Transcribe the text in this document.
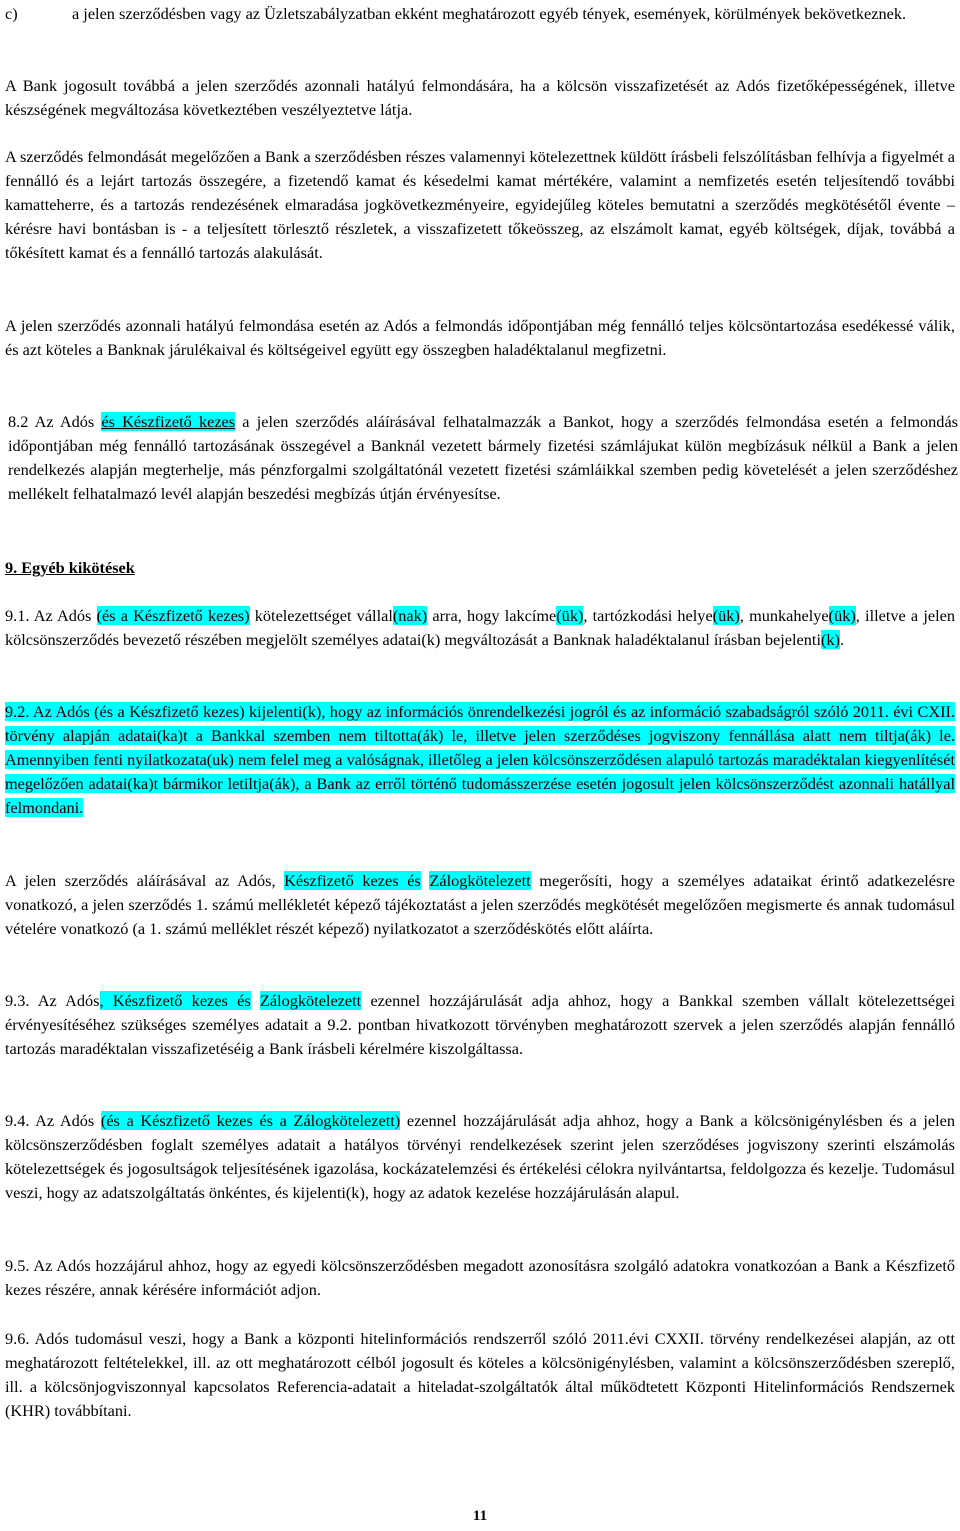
c)	a jelen szerződésben vagy az Üzletszabályzatban ekként meghatározott egyéb tények, események, körülmények bekövetkeznek.

A Bank jogosult továbbá a jelen szerződés azonnali hatályú felmondására, ha a kölcsön visszafizetését az Adós fizetőképességének, illetve készségének megváltozása következtében veszélyeztetve látja.

A szerződés felmondását megelőzően a Bank a szerződésben részes valamennyi kötelezettnek küldött írásbeli felszólításban felhívja a figyelmét a fennálló és a lejárt tartozás összegére, a fizetendő kamat és késedelmi kamat mértékére, valamint a nemfizetés esetén teljesítendő további kamatteherre, és a tartozás rendezésének elmaradása jogkövetkezményeire, egyidejűleg köteles bemutatni a szerződés megkötésétől évente – kérésre havi bontásban is - a teljesített törlesztő részletek, a visszafizetett tőkeösszeg, az elszámolt kamat, egyéb költségek, díjak, továbbá a tőkésített kamat és a fennálló tartozás alakulását.

A jelen szerződés azonnali hatályú felmondása esetén az Adós a felmondás időpontjában még fennálló teljes kölcsöntartozása esedékessé válik, és azt köteles a Banknak járulékaival és költségeivel együtt egy összegben haladéktalanul megfizetni.

8.2 Az Adós és Készfizető kezes a jelen szerződés aláírásával felhatalmazzák a Bankot, hogy a szerződés felmondása esetén a felmondás időpontjában még fennálló tartozásának összegével a Banknál vezetett bármely fizetési számlájukat külön megbízásuk nélkül a Bank a jelen rendelkezés alapján megterhelje, más pénzforgalmi szolgáltatónál vezetett fizetési számláikkal szemben pedig követelését a jelen szerződéshez mellékelt felhatalmazó levél alapján beszedési megbízás útján érvényesítse.

9. Egyéb kikötések

9.1. Az Adós (és a Készfizető kezes) kötelezettséget vállal(nak) arra, hogy lakcíme(ük), tartózkodási helye(ük), munkahelye(ük), illetve a jelen kölcsönszerződés bevezető részében megjelölt személyes adatai(k) megváltozását a Banknak haladéktalanul írásban bejelenti(k).

9.2. Az Adós (és a Készfizető kezes) kijelenti(k), hogy az információs önrendelkezési jogról és az információ szabadságról szóló 2011. évi CXII. törvény alapján adatai(ka)t a Bankkal szemben nem tiltotta(ák) le, illetve jelen szerződéses jogviszony fennállása alatt nem tiltja(ák) le. Amennyiben fenti nyilatkozata(uk) nem felel meg a valóságnak, illetőleg a jelen kölcsönszerződésen alapuló tartozás maradéktalan kiegyenlítését megelőzően adatai(ka)t bármikor letiltja(ák), a Bank az erről történő tudomásszerzése esetén jogosult jelen kölcsönszerződést azonnali hatállyal felmondani.

A jelen szerződés aláírásával az Adós, Készfizető kezes és Zálogkötelezett megerősíti, hogy a személyes adataikat érintő adatkezelésre vonatkozó, a jelen szerződés 1. számú mellékletét képező tájékoztatást a jelen szerződés megkötését megelőzően megismerte és annak tudomásul vételére vonatkozó (a 1. számú melléklet részét képező) nyilatkozatot a szerződéskötés előtt aláírta.

9.3. Az Adós, Készfizető kezes és Zálogkötelezett ezennel hozzájárulását adja ahhoz, hogy a Bankkal szemben vállalt kötelezettségei érvényesítéséhez szükséges személyes adatait a 9.2. pontban hivatkozott törvényben meghatározott szervek a jelen szerződés alapján fennálló tartozás maradéktalan visszafizetéséig a Bank írásbeli kérelmére kiszolgáltassa.

9.4. Az Adós (és a Készfizető kezes és a Zálogkötelezett) ezennel hozzájárulását adja ahhoz, hogy a Bank a kölcsönigénylésben és a jelen kölcsönszerződésben foglalt személyes adatait a hatályos törvényi rendelkezések szerint jelen szerződéses jogviszony szerinti elszámolás kötelezettségek és jogosultságok teljesítésének igazolása, kockázatelemzési és értékelési célokra nyilvántartsa, feldolgozza és kezelje. Tudomásul veszi, hogy az adatszolgáltatás önkéntes, és kijelenti(k), hogy az adatok kezelése hozzájárulásán alapul.

9.5. Az Adós hozzájárul ahhoz, hogy az egyedi kölcsönszerződésben megadott azonosításra szolgáló adatokra vonatkozóan a Bank a Készfizető kezes részére, annak kérésére információt adjon.

9.6. Adós tudomásul veszi, hogy a Bank a központi hitelinformációs rendszerről szóló 2011.évi CXXII. törvény rendelkezései alapján, az ott meghatározott feltételekkel, ill. az ott meghatározott célból jogosult és köteles a kölcsönigénylésben, valamint a kölcsönszerződésben szereplő, ill. a kölcsönjogviszonnyal kapcsolatos Referencia-adatait a hiteladat-szolgáltatók által működtetett Központi Hitelinformációs Rendszernek (KHR) továbbítani.

11
